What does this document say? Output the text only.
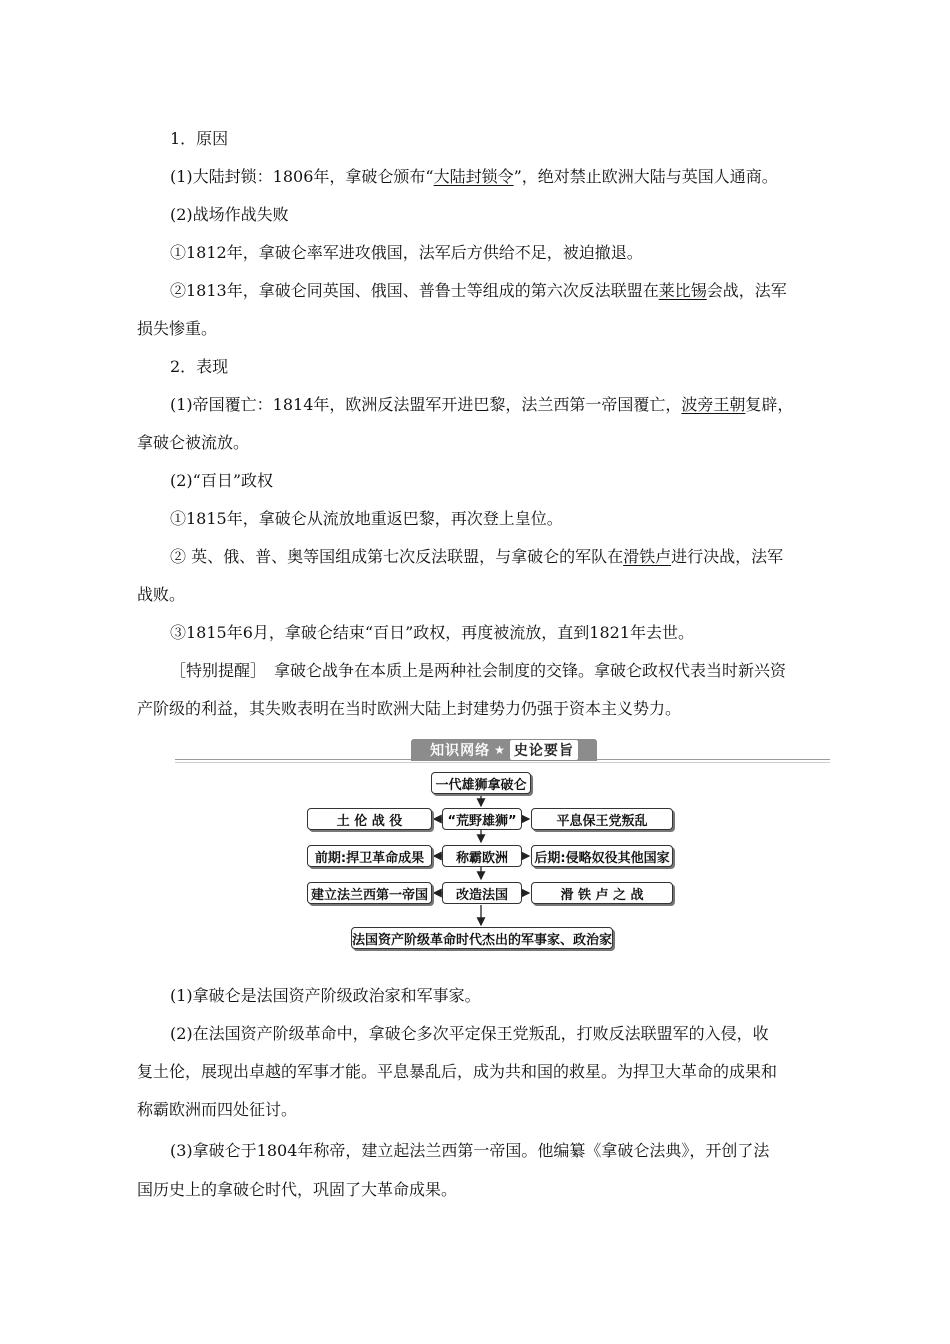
1．原因
(1)大陆封锁：1806年，拿破仑颁布“大陆封锁令”，绝对禁止欧洲大陆与英国人通商。
(2)战场作战失败
①1812年，拿破仑率军进攻俄国，法军后方供给不足，被迫撤退。
②1813年，拿破仑同英国、俄国、普鲁士等组成的第六次反法联盟在莱比锡会战，法军
损失惨重。
2．表现
(1)帝国覆亡：1814年，欧洲反法盟军开进巴黎，法兰西第一帝国覆亡，波旁王朝复辟，
拿破仑被流放。
(2)“百日”政权
①1815年，拿破仑从流放地重返巴黎，再次登上皇位。
② 英、俄、普、奥等国组成第七次反法联盟，与拿破仑的军队在滑铁卢进行决战，法军
战败。
③1815年6月，拿破仑结束“百日”政权，再度被流放，直到1821年去世。
［特别提醒］　拿破仑战争在本质上是两种社会制度的交锋。拿破仑政权代表当时新兴资
产阶级的利益，其失败表明在当时欧洲大陆上封建势力仍强于资本主义势力。
知识网络 ★ 史论要旨
一代雄狮拿破仑
“荒野雄狮”
称霸欧洲
改造法国
土 伦 战 役
前期:捍卫革命成果
建立法兰西第一帝国
平息保王党叛乱
后期:侵略奴役其他国家
滑 铁 卢 之 战
法国资产阶级革命时代杰出的军事家、政治家
(1)拿破仑是法国资产阶级政治家和军事家。
(2)在法国资产阶级革命中，拿破仑多次平定保王党叛乱，打败反法联盟军的入侵，收
复土伦，展现出卓越的军事才能。平息暴乱后，成为共和国的救星。为捍卫大革命的成果和
称霸欧洲而四处征讨。
(3)拿破仑于1804年称帝，建立起法兰西第一帝国。他编纂《拿破仑法典》，开创了法
国历史上的拿破仑时代，巩固了大革命成果。
